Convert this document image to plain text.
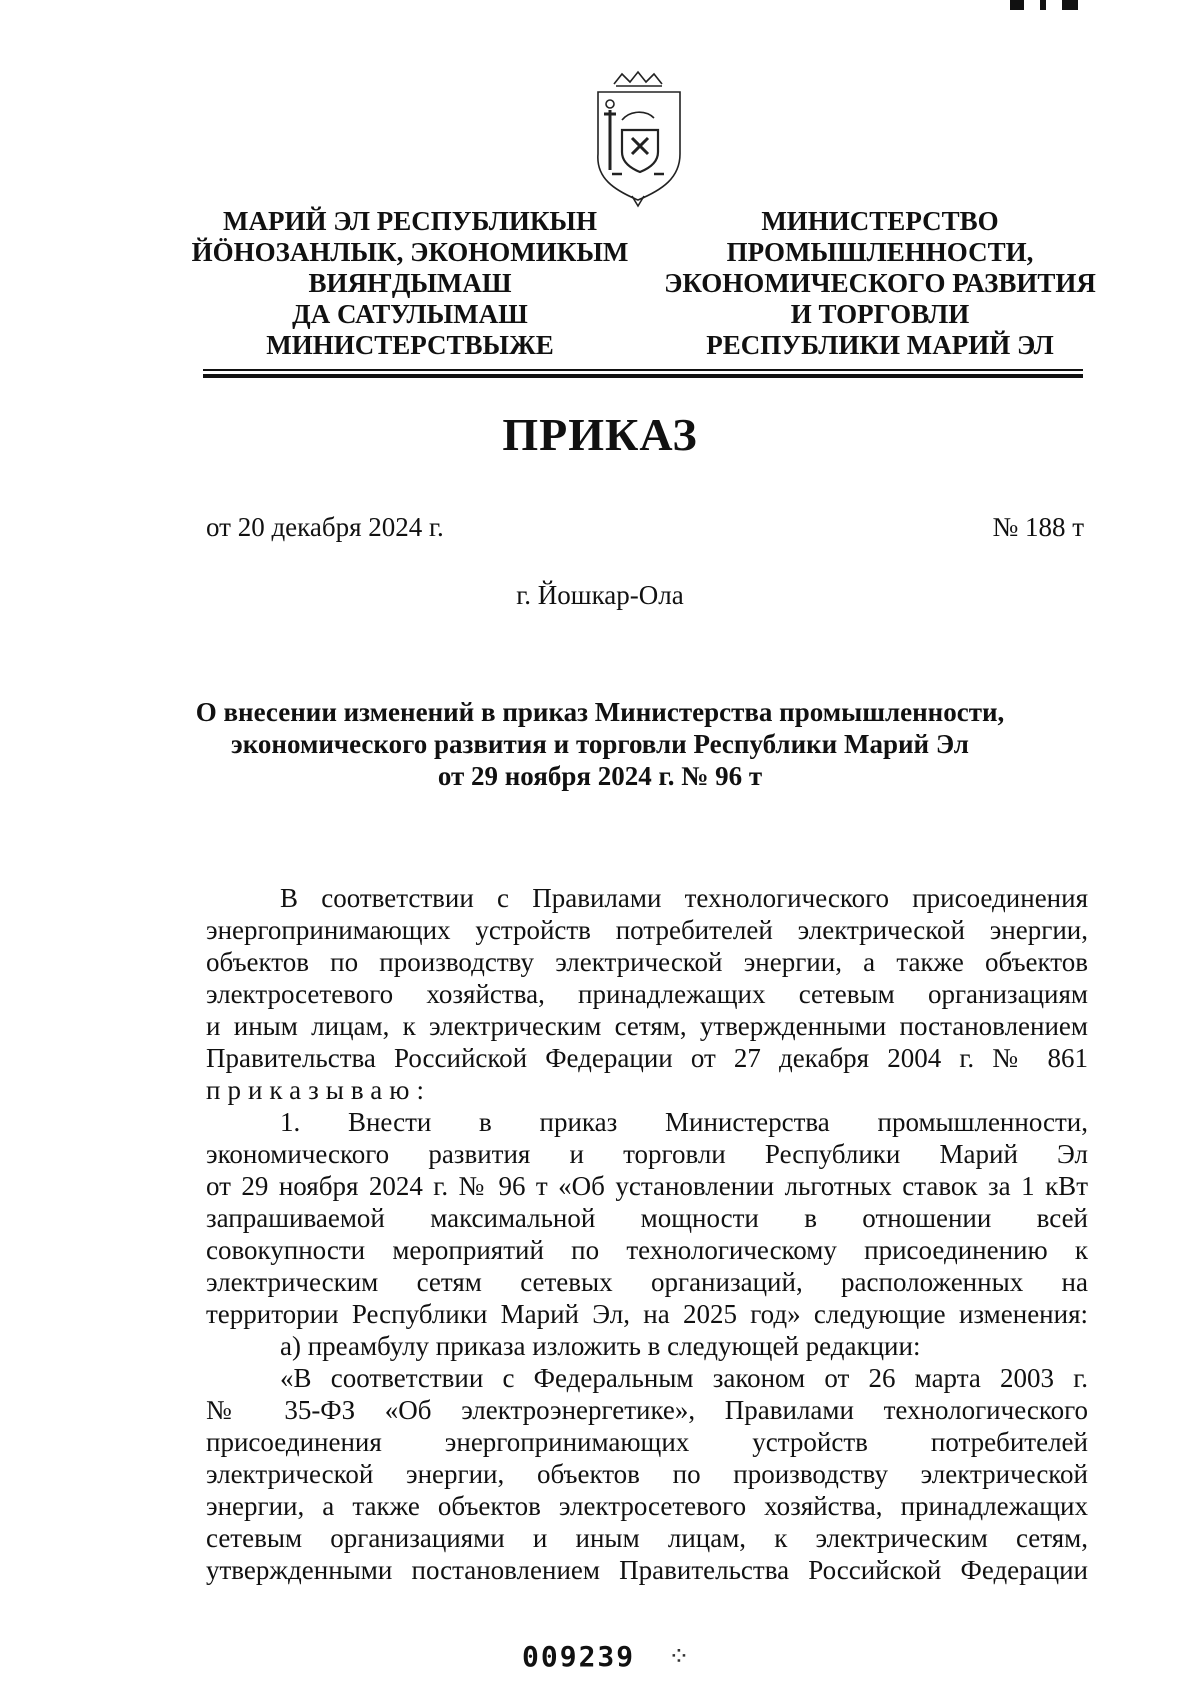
МАРИЙ ЭЛ РЕСПУБЛИКЫН
ЙӦНОЗАНЛЫК, ЭКОНОМИКЫМ
ВИЯҤДЫМАШ
ДА САТУЛЫМАШ
МИНИСТЕРСТВЫЖЕ
МИНИСТЕРСТВО
ПРОМЫШЛЕННОСТИ,
ЭКОНОМИЧЕСКОГО РАЗВИТИЯ
И ТОРГОВЛИ
РЕСПУБЛИКИ МАРИЙ ЭЛ
ПРИКАЗ
от 20 декабря 2024 г.	№ 188 т
г. Йошкар-Ола
О внесении изменений в приказ Министерства промышленности,
экономического развития и торговли Республики Марий Эл
от 29 ноября 2024 г. № 96 т
В соответствии с Правилами технологического присоединения
энергопринимающих устройств потребителей электрической энергии,
объектов по производству электрической энергии, а также объектов
электросетевого хозяйства, принадлежащих сетевым организациям
и иным лицам, к электрическим сетям, утвержденными постановлением
Правительства Российской Федерации от 27 декабря 2004 г. № 861
приказываю:
1. Внести в приказ Министерства промышленности,
экономического развития и торговли Республики Марий Эл
от 29 ноября 2024 г. № 96 т «Об установлении льготных ставок за 1 кВт
запрашиваемой максимальной мощности в отношении всей
совокупности мероприятий по технологическому присоединению к
электрическим сетям сетевых организаций, расположенных на
территории Республики Марий Эл, на 2025 год» следующие изменения:
а) преамбулу приказа изложить в следующей редакции:
«В соответствии с Федеральным законом от 26 марта 2003 г.
№ 35-ФЗ «Об электроэнергетике», Правилами технологического
присоединения энергопринимающих устройств потребителей
электрической энергии, объектов по производству электрической
энергии, а также объектов электросетевого хозяйства, принадлежащих
сетевым организациями и иным лицам, к электрическим сетям,
утвержденными постановлением Правительства Российской Федерации
009239 ⁘
